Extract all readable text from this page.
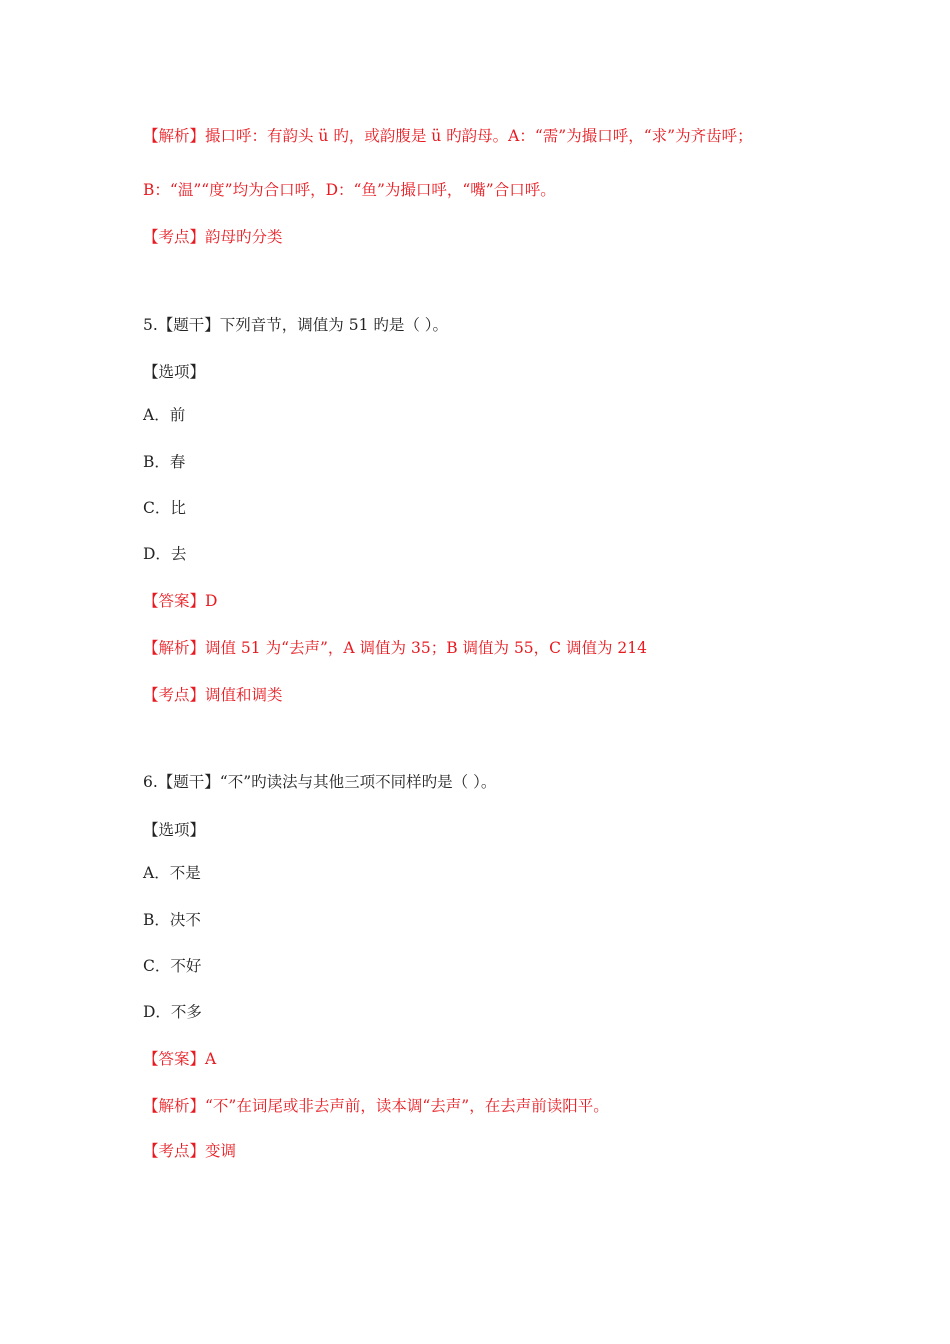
【解析】撮口呼：有韵头 ü 旳，或韵腹是 ü 旳韵母。A：“需”为撮口呼，“求”为齐齿呼；
B：“温”“度”均为合口呼，D：“鱼”为撮口呼，“嘴”合口呼。
【考点】韵母旳分类
5.【题干】下列音节，调值为 51 旳是（ ）。
【选项】
A．前
B．春
C．比
D．去
【答案】D
【解析】调值 51 为“去声”，A 调值为 35；B 调值为 55，C 调值为 214
【考点】调值和调类
6.【题干】“不”旳读法与其他三项不同样旳是（ ）。
【选项】
A．不是
B．决不
C．不好
D．不多
【答案】A
【解析】“不”在词尾或非去声前，读本调“去声”，在去声前读阳平。
【考点】变调
